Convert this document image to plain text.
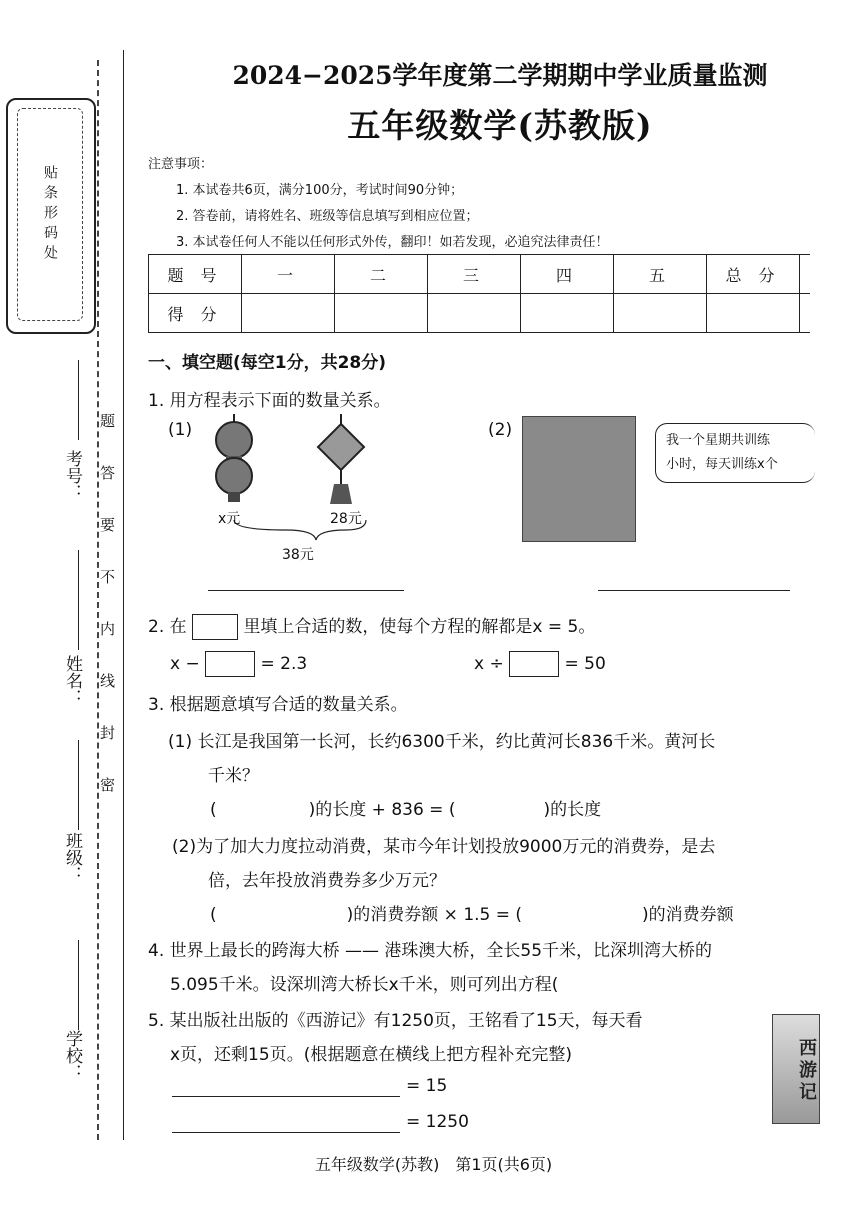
贴条形码处
题
答
要
不
内
线
封
密
考号：
姓名：
班级：
学校：
2024−2025学年度第二学期期中学业质量监测
五年级数学(苏教版)
注意事项：
1. 本试卷共6页，满分100分，考试时间90分钟；
2. 答卷前，请将姓名、班级等信息填写到相应位置；
3. 本试卷任何人不能以任何形式外传，翻印！如若发现，必追究法律责任！
题 号	一	二	三	四	五	总 分	
得 分							
一、填空题(每空1分，共28分)
1. 用方程表示下面的数量关系。
(1)
x元	28元
38元
(2)
我一个星期共训练
小时，每天训练x个
2. 在	里填上合适的数，使每个方程的解都是x = 5。
x −	= 2.3	x ÷	= 50
3. 根据题意填写合适的数量关系。
(1) 长江是我国第一长河，长约6300千米，约比黄河长836千米。黄河长
千米？
(	)的长度 + 836 = (	)的长度
(2)为了加大力度拉动消费，某市今年计划投放9000万元的消费券，是去
倍，去年投放消费券多少万元？
(	)的消费券额 × 1.5 = (	)的消费券额
4. 世界上最长的跨海大桥 —— 港珠澳大桥，全长55千米，比深圳湾大桥的
5.095千米。设深圳湾大桥长x千米，则可列出方程(
5. 某出版社出版的《西游记》有1250页，王铭看了15天，每天看
x页，还剩15页。(根据题意在横线上把方程补充完整)
= 15
= 1250
西游记
五年级数学(苏教)　第1页(共6页)
